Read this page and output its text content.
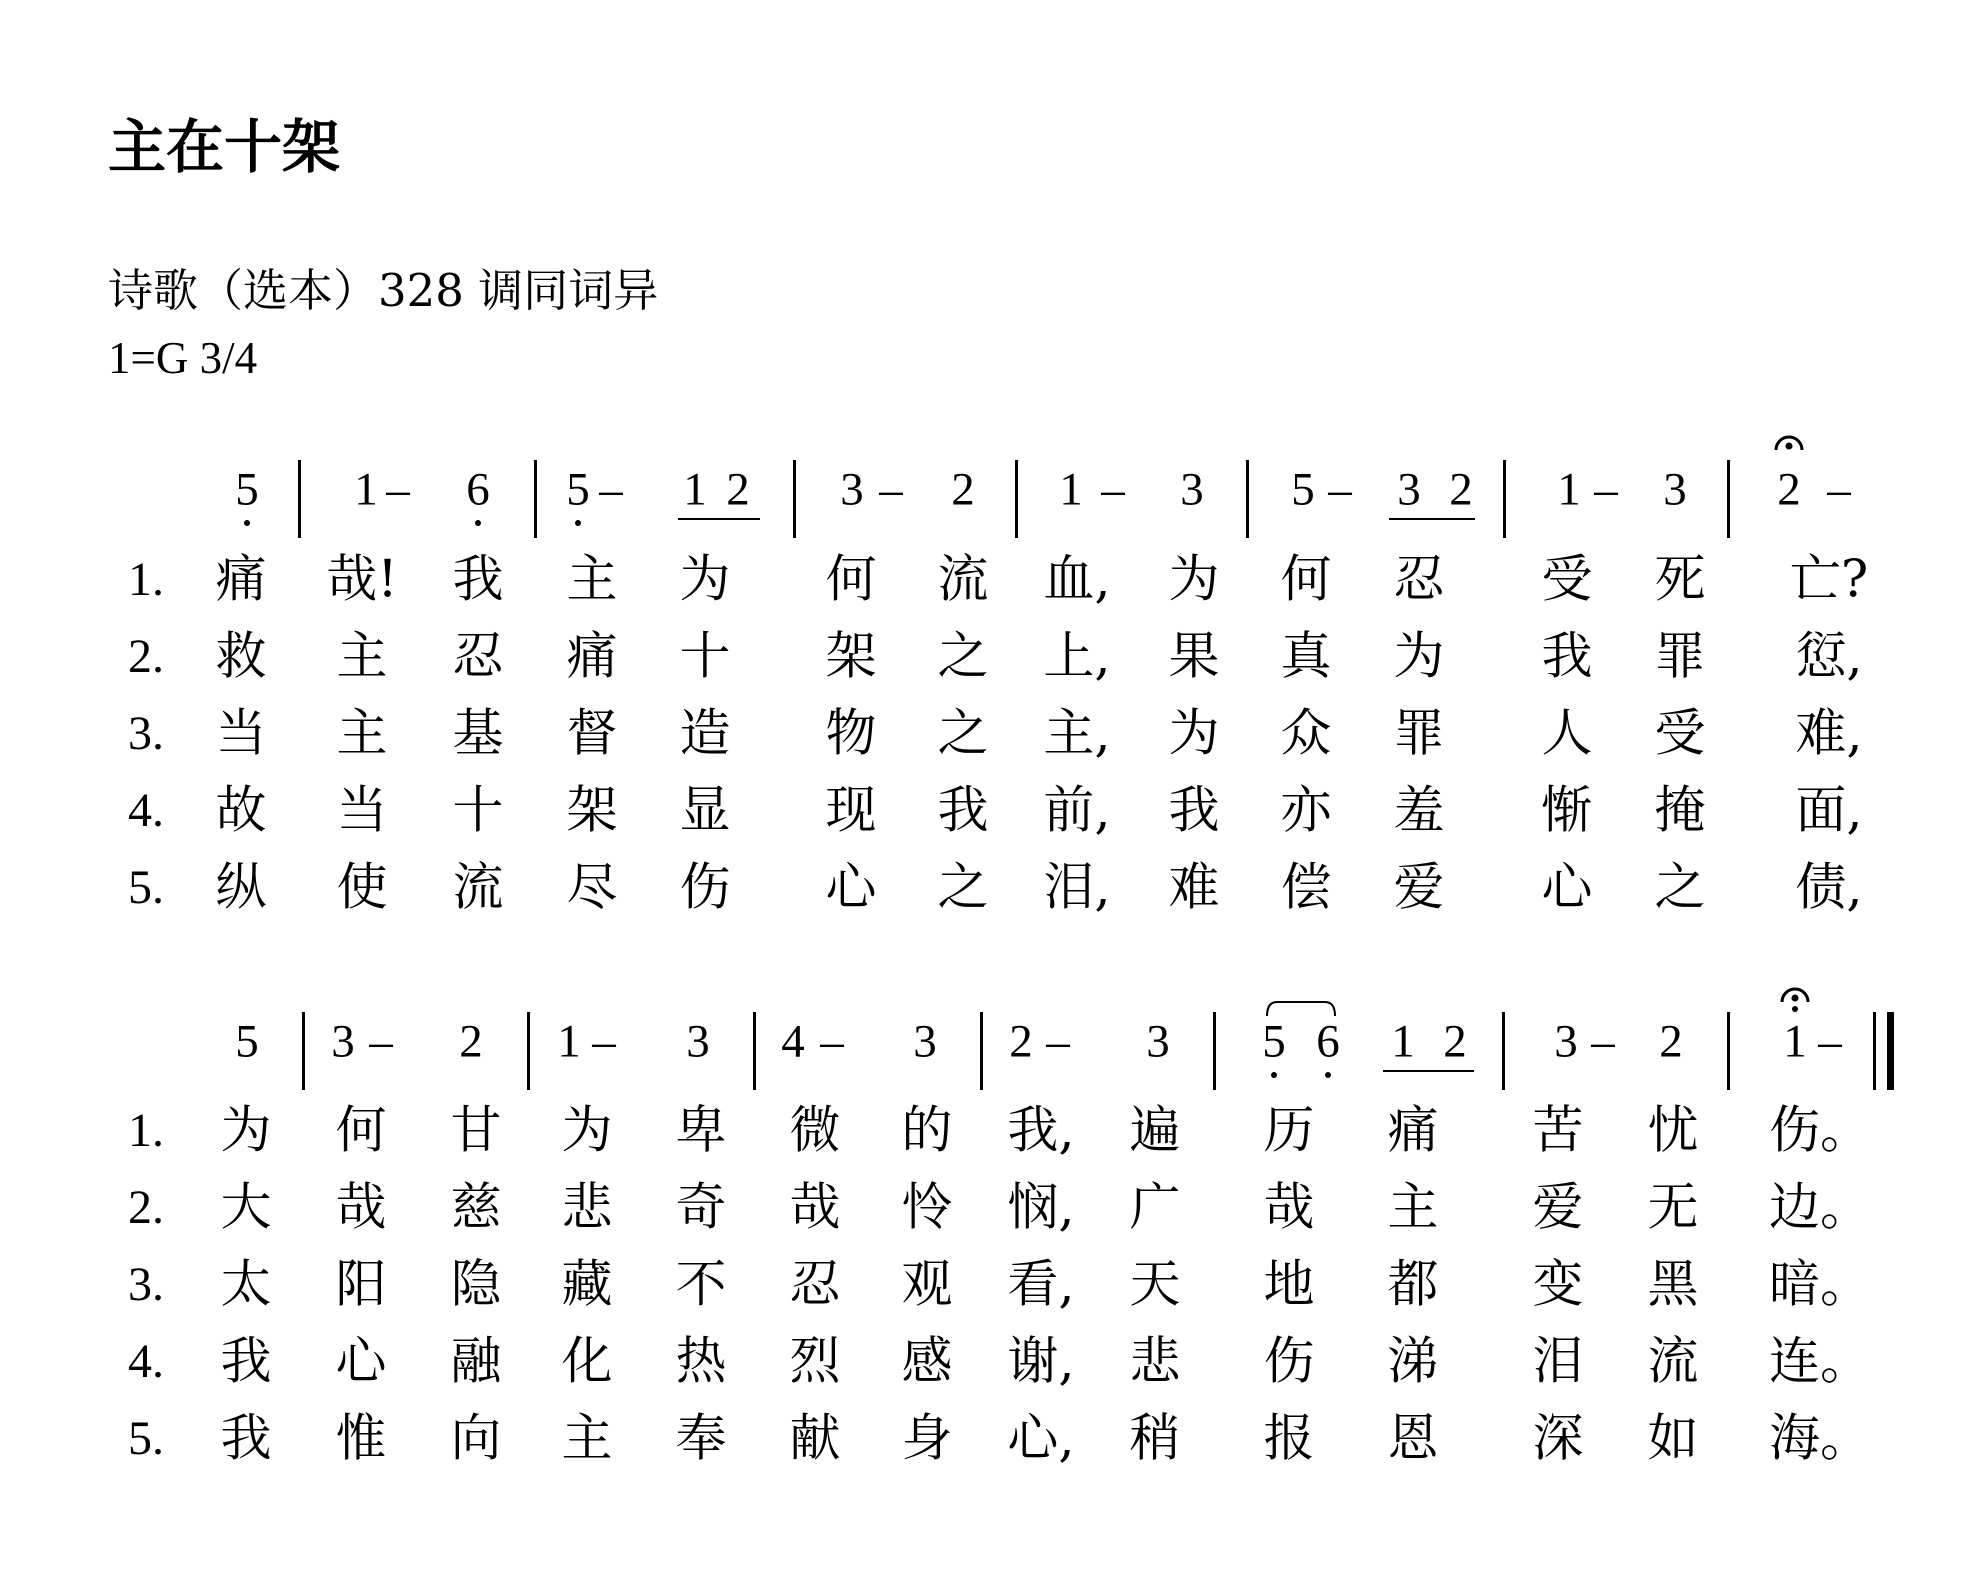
主在十架
诗歌（选本）328 调同词异
1=G 3/4
5 1 – 6 5 – 1 2 3 – 2 1 – 3 5 – 3 2 1 – 3 2 –
1. 痛 哉! 我 主 为 何 流 血, 为 何 忍 受 死 亡?
2. 救 主 忍 痛 十 架 之 上, 果 真 为 我 罪 愆,
3. 当 主 基 督 造 物 之 主, 为 众 罪 人 受 难,
4. 故 当 十 架 显 现 我 前, 我 亦 羞 惭 掩 面,
5. 纵 使 流 尽 伤 心 之 泪, 难 偿 爱 心 之 债,
5 3 – 2 1 – 3 4 – 3 2 – 3 5 6 1 2 3 – 2 1 –
1. 为 何 甘 为 卑 微 的 我, 遍 历 痛 苦 忧 伤。
2. 大 哉 慈 悲 奇 哉 怜 悯, 广 哉 主 爱 无 边。
3. 太 阳 隐 藏 不 忍 观 看, 天 地 都 变 黑 暗。
4. 我 心 融 化 热 烈 感 谢, 悲 伤 涕 泪 流 连。
5. 我 惟 向 主 奉 献 身 心, 稍 报 恩 深 如 海。
